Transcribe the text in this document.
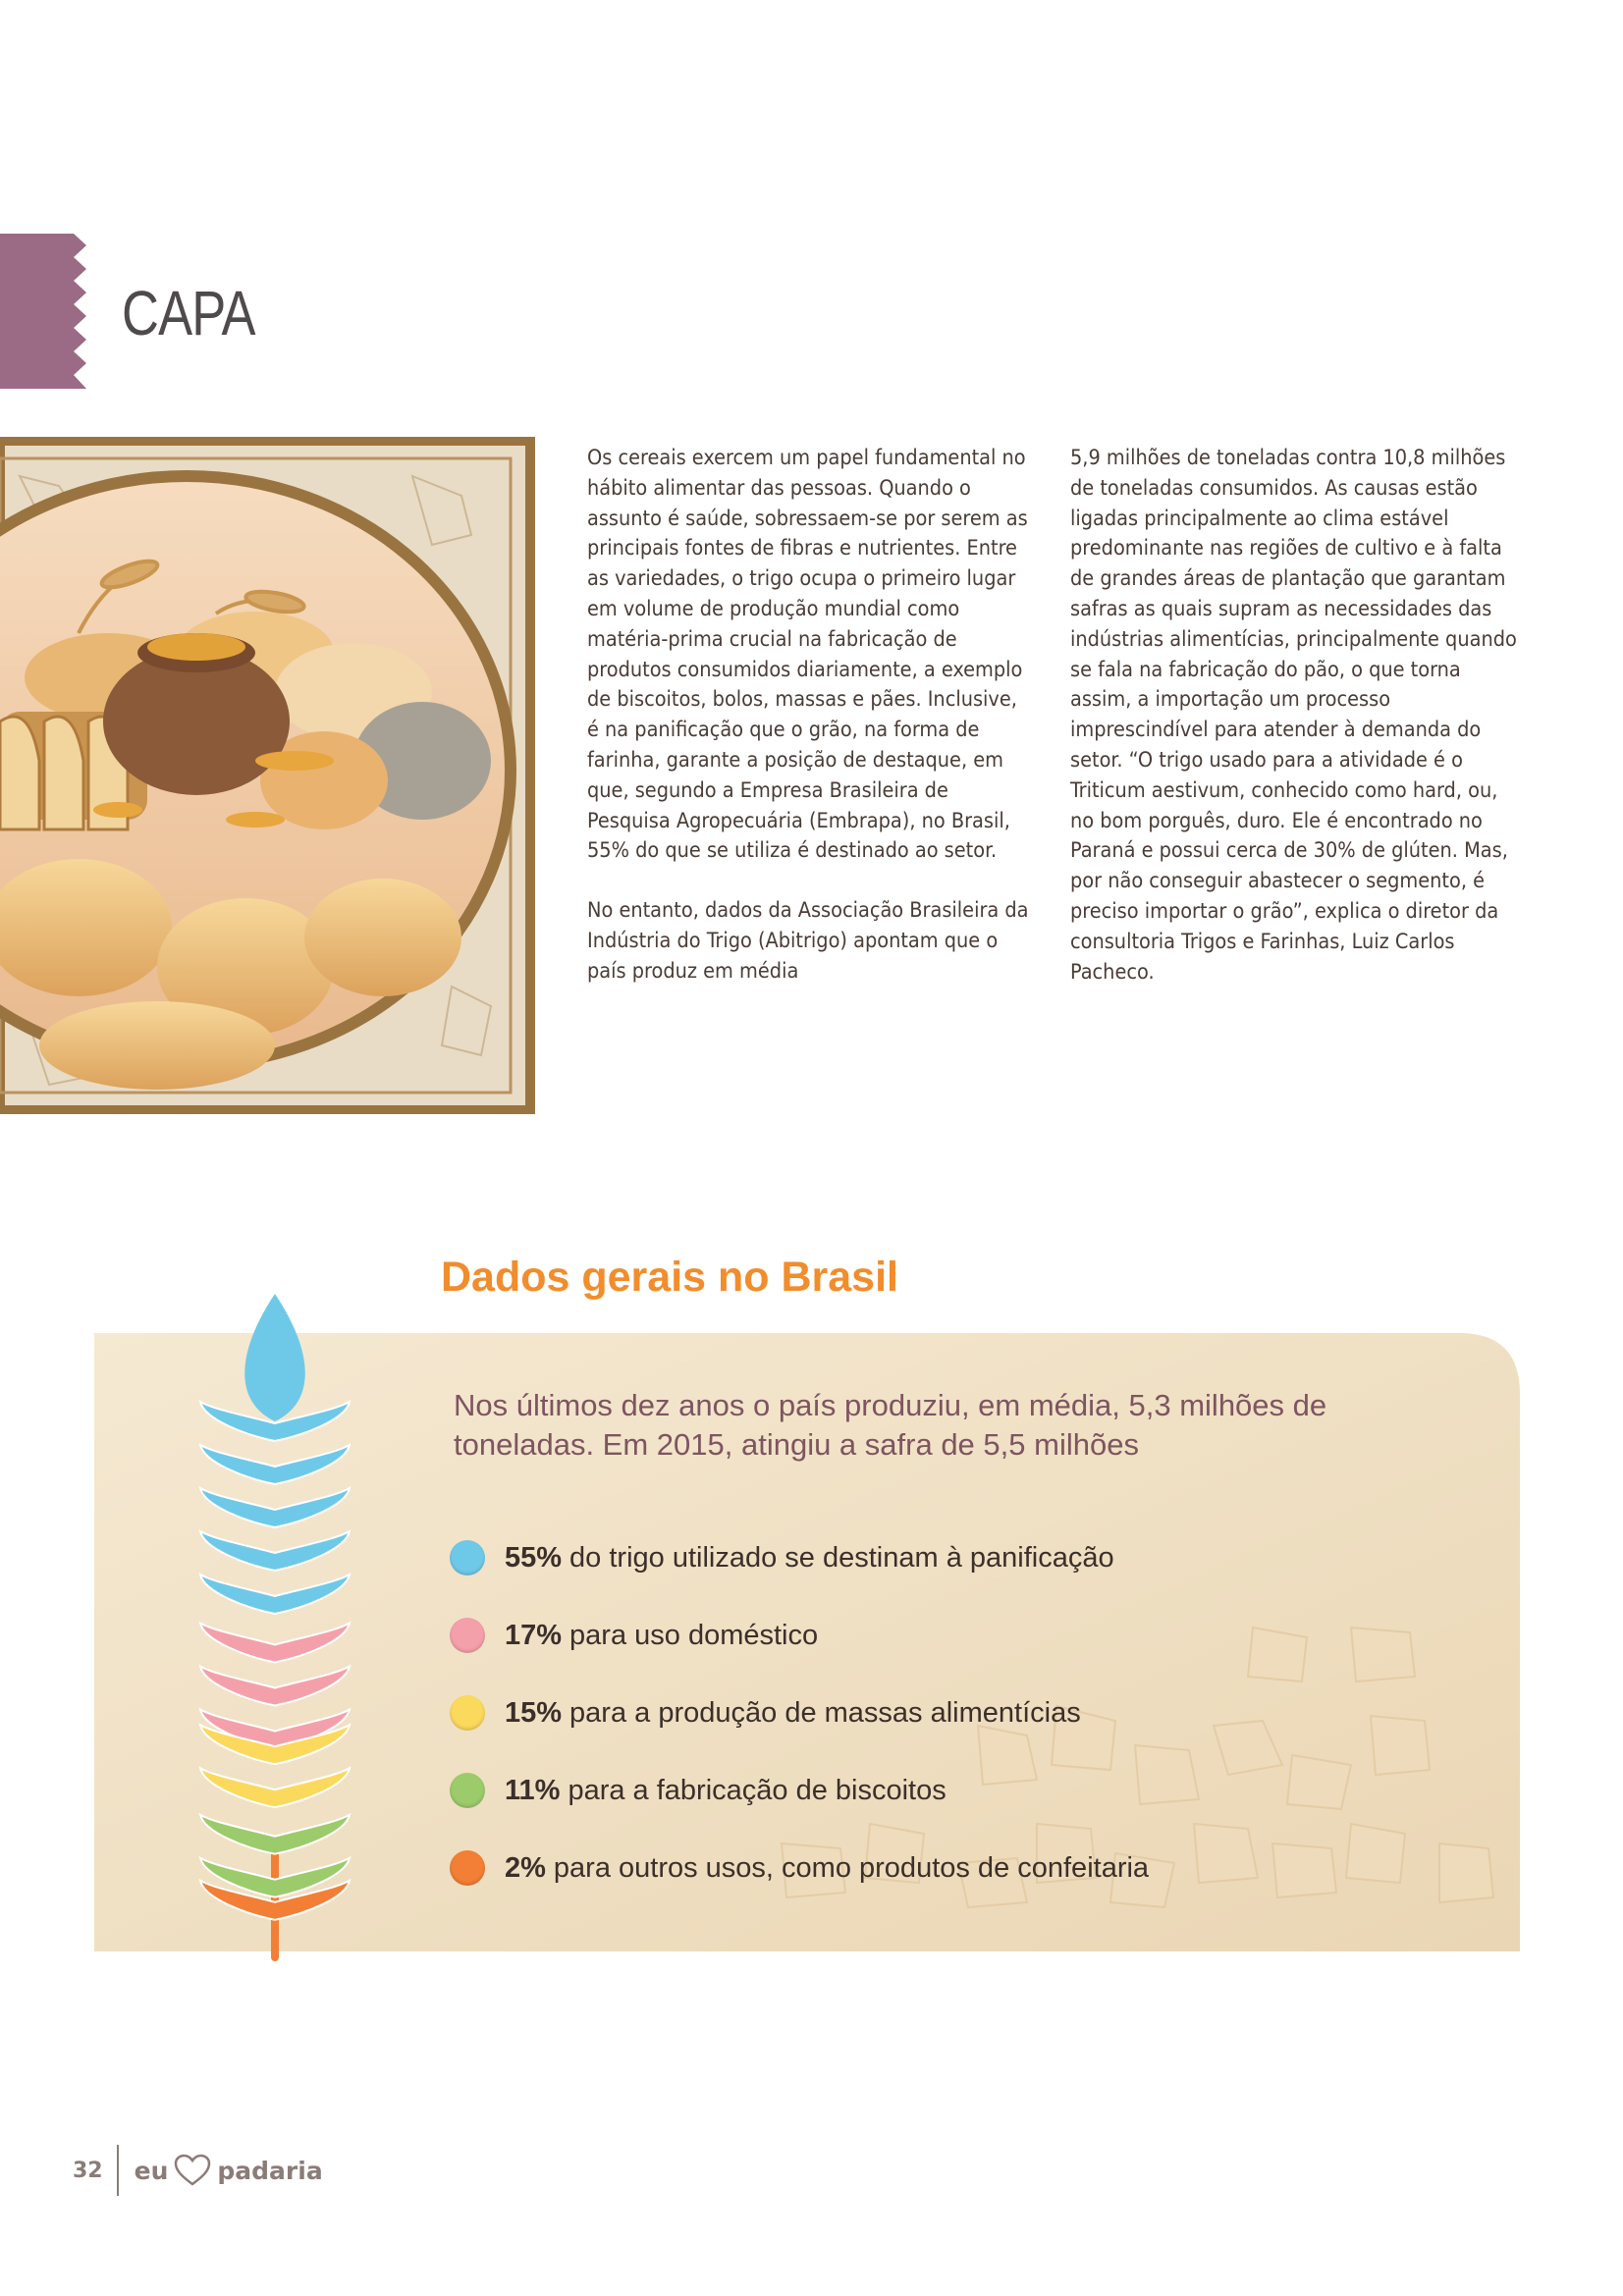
CAPA

Os cereais exercem um papel fundamental no hábito alimentar das pessoas. Quando o assunto é saúde, sobressaem-se por serem as principais fontes de fibras e nutrientes. Entre as variedades, o trigo ocupa o primeiro lugar em volume de produção mundial como matéria-prima crucial na fabricação de produtos consumidos diariamente, a exemplo de biscoitos, bolos, massas e pães. Inclusive, é na panificação que o grão, na forma de farinha, garante a posição de destaque, em que, segundo a Empresa Brasileira de Pesquisa Agropecuária (Embrapa), no Brasil, 55% do que se utiliza é destinado ao setor.

No entanto, dados da Associação Brasileira da Indústria do Trigo (Abitrigo) apontam que o país produz em média

5,9 milhões de toneladas contra 10,8 milhões de toneladas consumidos. As causas estão ligadas principalmente ao clima estável predominante nas regiões de cultivo e à falta de grandes áreas de plantação que garantam safras as quais supram as necessidades das indústrias alimentícias, principalmente quando se fala na fabricação do pão, o que torna assim, a importação um processo imprescindível para atender à demanda do setor. “O trigo usado para a atividade é o Triticum aestivum, conhecido como hard, ou, no bom porguês, duro. Ele é encontrado no Paraná e possui cerca de 30% de glúten. Mas, por não conseguir abastecer o segmento, é preciso importar o grão”, explica o diretor da consultoria Trigos e Farinhas, Luiz Carlos Pacheco.

Dados gerais no Brasil

Nos últimos dez anos o país produziu, em média, 5,3 milhões de toneladas. Em 2015, atingiu a safra de 5,5 milhões

55% do trigo utilizado se destinam à panificação
17% para uso doméstico
15% para a produção de massas alimentícias
11% para a fabricação de biscoitos
2% para outros usos, como produtos de confeitaria
32 eu padaria
